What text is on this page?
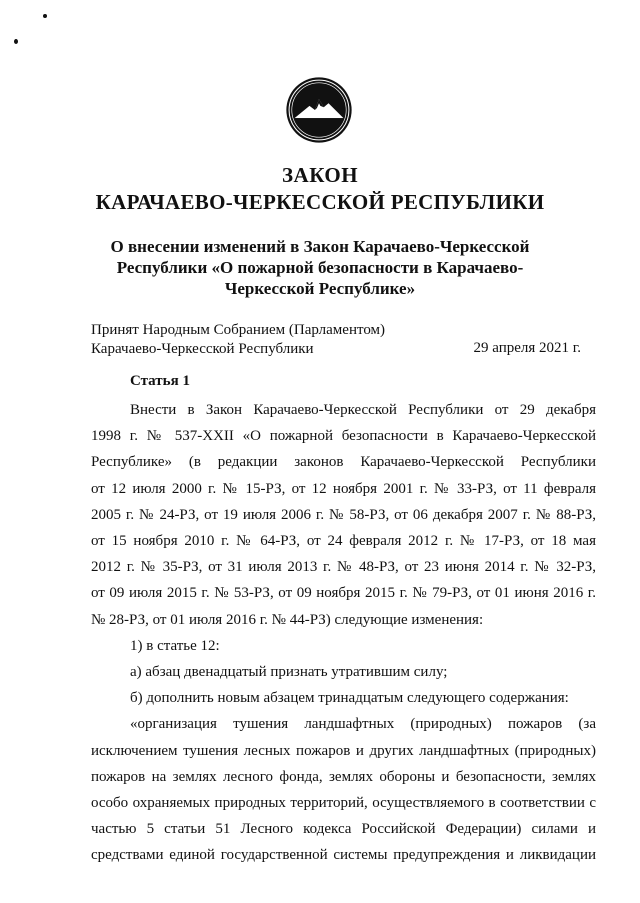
ЗАКОН
КАРАЧАЕВО-ЧЕРКЕССКОЙ РЕСПУБЛИКИ
О внесении изменений в Закон Карачаево-Черкесской
Республики «О пожарной безопасности в Карачаево-
Черкесской Республике»
Принят Народным Собранием (Парламентом)
Карачаево-Черкесской Республики	29 апреля 2021 г.
Статья 1
Внести в Закон Карачаево-Черкесской Республики от 29 декабря
1998 г. № 537-XXII «О пожарной безопасности в Карачаево-Черкесской
Республике» (в редакции законов Карачаево-Черкесской Республики
от 12 июля 2000 г. № 15-РЗ, от 12 ноября 2001 г. № 33-РЗ, от 11 февраля
2005 г. № 24-РЗ, от 19 июля 2006 г. № 58-РЗ, от 06 декабря 2007 г. № 88-РЗ,
от 15 ноября 2010 г. № 64-РЗ, от 24 февраля 2012 г. № 17-РЗ, от 18 мая
2012 г. № 35-РЗ, от 31 июля 2013 г. № 48-РЗ, от 23 июня 2014 г. № 32-РЗ,
от 09 июля 2015 г. № 53-РЗ, от 09 ноября 2015 г. № 79-РЗ, от 01 июня 2016 г.
№ 28-РЗ, от 01 июля 2016 г. № 44-РЗ) следующие изменения:
1) в статье 12:
а) абзац двенадцатый признать утратившим силу;
б) дополнить новым абзацем тринадцатым следующего содержания:
«организация тушения ландшафтных (природных) пожаров (за
исключением тушения лесных пожаров и других ландшафтных (природных)
пожаров на землях лесного фонда, землях обороны и безопасности, землях
особо охраняемых природных территорий, осуществляемого в соответствии с
частью 5 статьи 51 Лесного кодекса Российской Федерации) силами и
средствами единой государственной системы предупреждения и ликвидации
